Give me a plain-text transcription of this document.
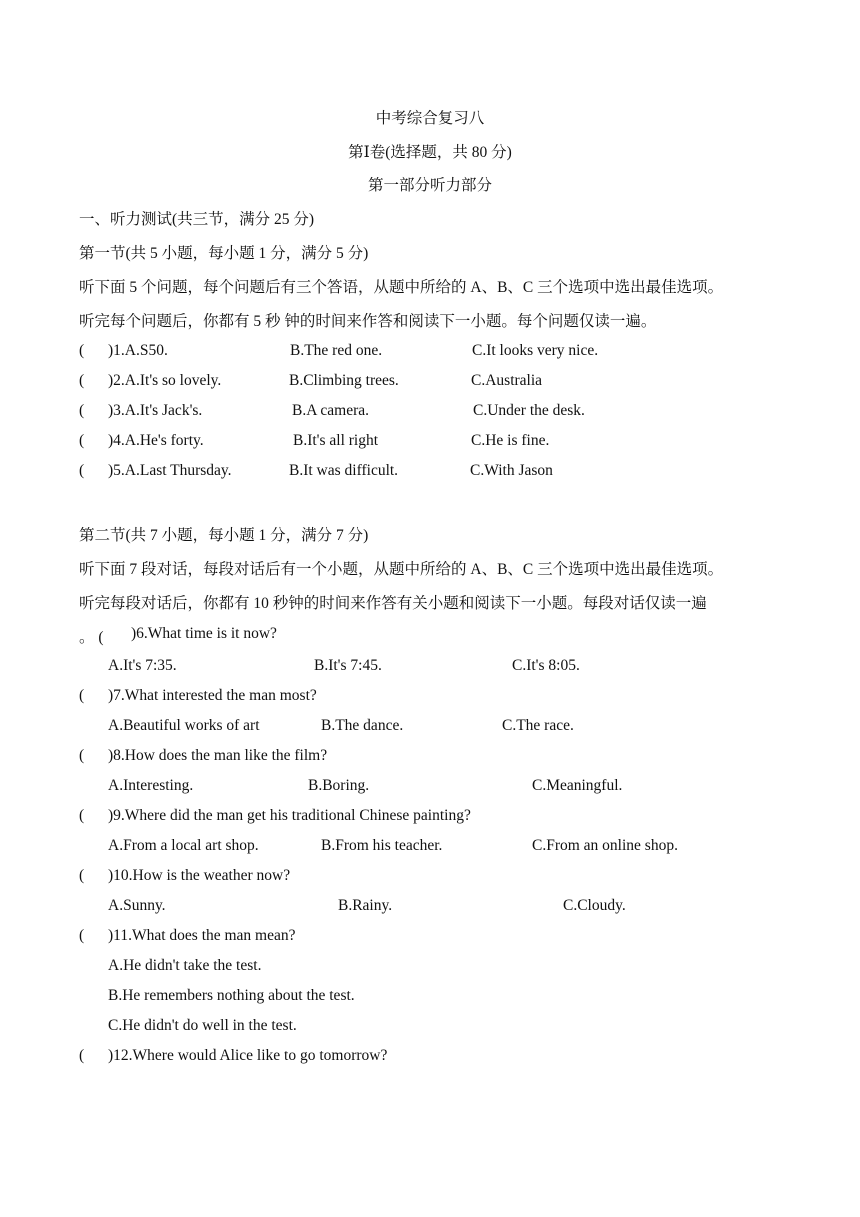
中考综合复习八
第Ⅰ卷(选择题，共 80 分)
第一部分听力部分
一、听力测试(共三节，满分 25 分)
第一节(共 5 小题，每小题 1 分，满分 5 分)
听下面 5 个问题，每个问题后有三个答语，从题中所给的 A、B、C 三个选项中选出最佳选项。
听完每个问题后，你都有 5 秒 钟的时间来作答和阅读下一小题。每个问题仅读一遍。
( )1.A.S50.	B.The red one.	C.It looks very nice.
( )2.A.It's so lovely.	B.Climbing trees.	C.Australia
( )3.A.It's Jack's.	B.A camera.	C.Under the desk.
( )4.A.He's forty.	B.It's all right	C.He is fine.
( )5.A.Last Thursday.	B.It was difficult.	C.With Jason
第二节(共 7 小题，每小题 1 分，满分 7 分)
听下面 7 段对话，每段对话后有一个小题，从题中所给的 A、B、C 三个选项中选出最佳选项。
听完每段对话后，你都有 10 秒钟的时间来作答有关小题和阅读下一小题。每段对话仅读一遍
。 ( )6.What time is it now?
A.It's 7:35.	B.It's 7:45.	C.It's 8:05.
( )7.What interested the man most?
A.Beautiful works of art	B.The dance.	C.The race.
( )8.How does the man like the film?
A.Interesting.	B.Boring.	C.Meaningful.
( )9.Where did the man get his traditional Chinese painting?
A.From a local art shop.	B.From his teacher.	C.From an online shop.
( )10.How is the weather now?
A.Sunny.	B.Rainy.	C.Cloudy.
( )11.What does the man mean?
A.He didn't take the test.
B.He remembers nothing about the test.
C.He didn't do well in the test.
( )12.Where would Alice like to go tomorrow?
